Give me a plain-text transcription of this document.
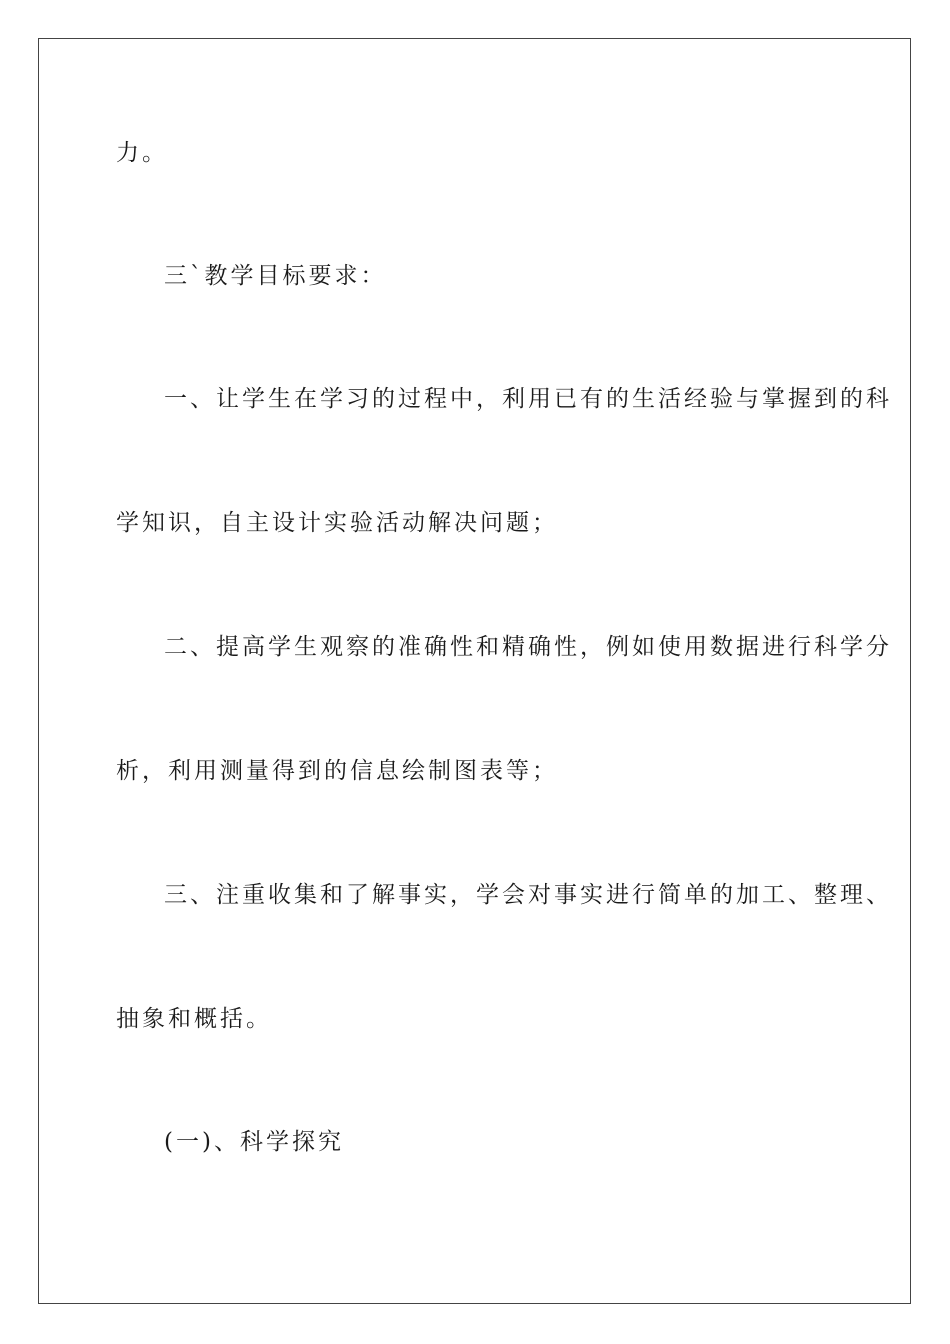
力。
三`教学目标要求：
一、让学生在学习的过程中，利用已有的生活经验与掌握到的科
学知识，自主设计实验活动解决问题；
二、提高学生观察的准确性和精确性，例如使用数据进行科学分
析，利用测量得到的信息绘制图表等；
三、注重收集和了解事实，学会对事实进行简单的加工、整理、
抽象和概括。
(一)、科学探究
